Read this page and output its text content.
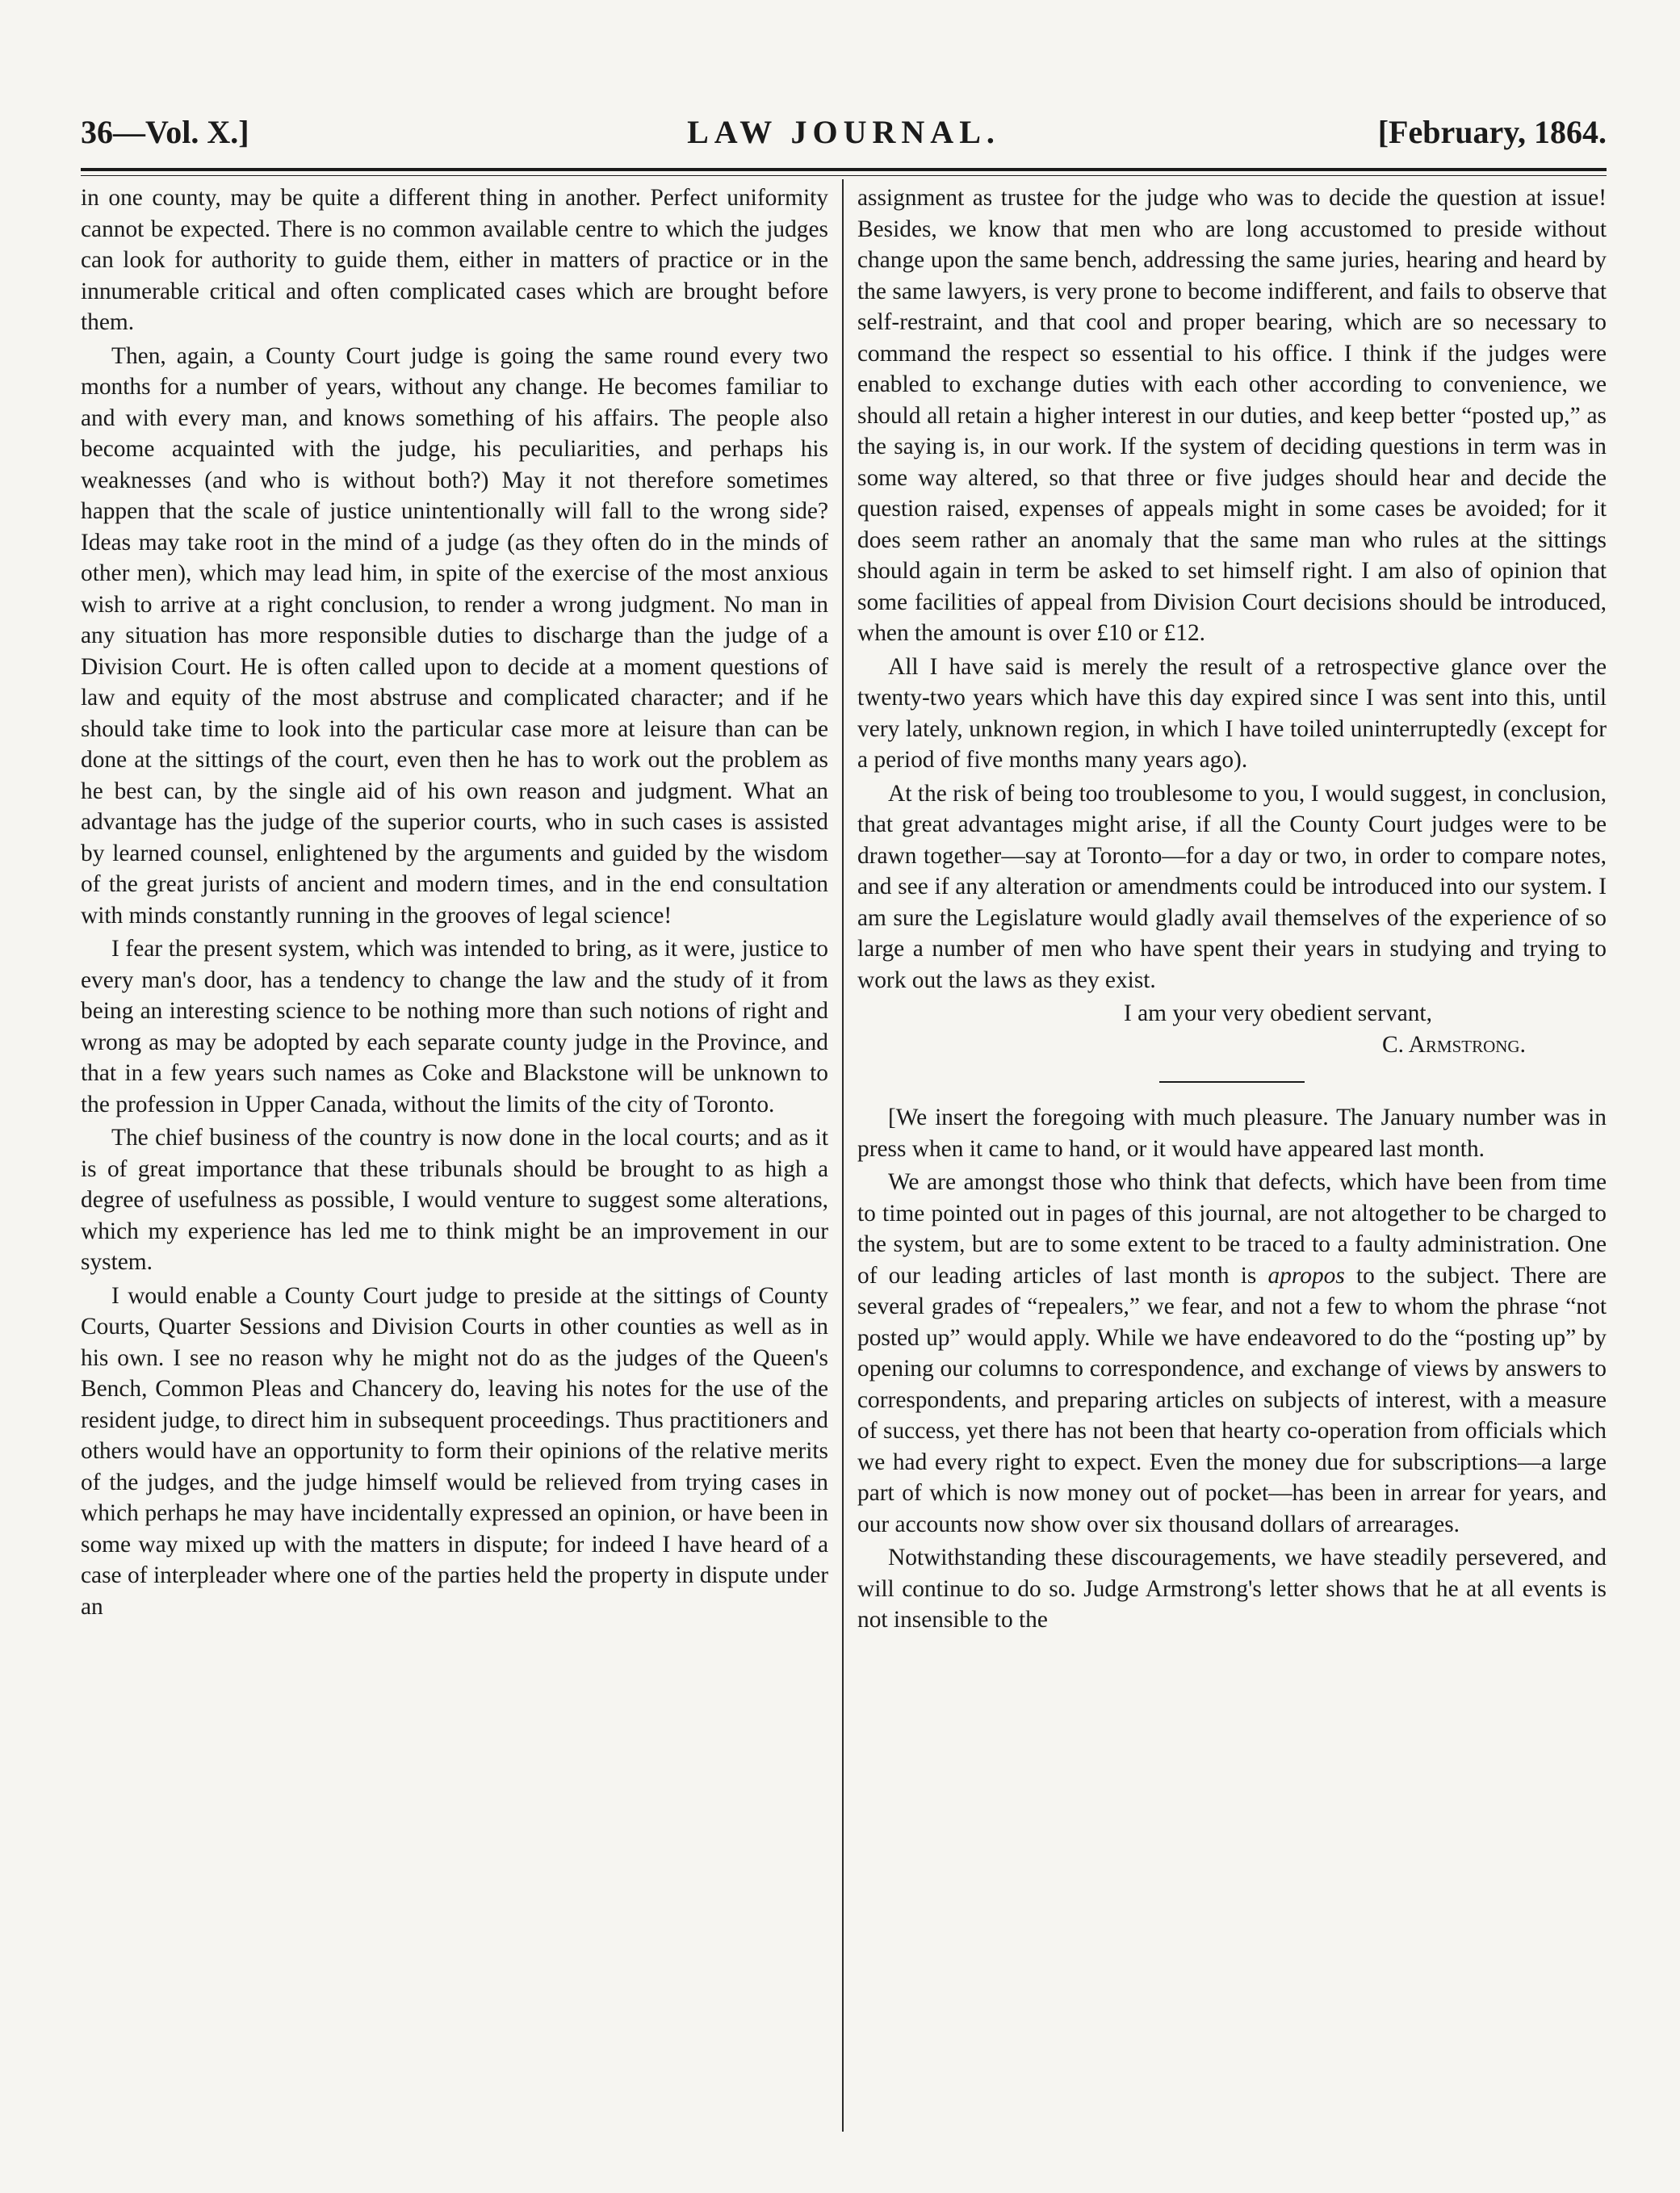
36—Vol. X.]	LAW JOURNAL.	[February, 1864.

in one county, may be quite a different thing in another. Perfect uniformity cannot be expected. There is no common available centre to which the judges can look for authority to guide them, either in matters of practice or in the innumerable critical and often complicated cases which are brought before them.

Then, again, a County Court judge is going the same round every two months for a number of years, without any change. He becomes familiar to and with every man, and knows something of his affairs. The people also become acquainted with the judge, his peculiarities, and perhaps his weaknesses (and who is without both?) May it not therefore sometimes happen that the scale of justice unintentionally will fall to the wrong side? Ideas may take root in the mind of a judge (as they often do in the minds of other men), which may lead him, in spite of the exercise of the most anxious wish to arrive at a right conclusion, to render a wrong judgment. No man in any situation has more responsible duties to discharge than the judge of a Division Court. He is often called upon to decide at a moment questions of law and equity of the most abstruse and complicated character; and if he should take time to look into the particular case more at leisure than can be done at the sittings of the court, even then he has to work out the problem as he best can, by the single aid of his own reason and judgment. What an advantage has the judge of the superior courts, who in such cases is assisted by learned counsel, enlightened by the arguments and guided by the wisdom of the great jurists of ancient and modern times, and in the end consultation with minds constantly running in the grooves of legal science!

I fear the present system, which was intended to bring, as it were, justice to every man's door, has a tendency to change the law and the study of it from being an interesting science to be nothing more than such notions of right and wrong as may be adopted by each separate county judge in the Province, and that in a few years such names as Coke and Blackstone will be unknown to the profession in Upper Canada, without the limits of the city of Toronto.

The chief business of the country is now done in the local courts; and as it is of great importance that these tribunals should be brought to as high a degree of usefulness as possible, I would venture to suggest some alterations, which my experience has led me to think might be an improvement in our system.

I would enable a County Court judge to preside at the sittings of County Courts, Quarter Sessions and Division Courts in other counties as well as in his own. I see no reason why he might not do as the judges of the Queen's Bench, Common Pleas and Chancery do, leaving his notes for the use of the resident judge, to direct him in subsequent proceedings. Thus practitioners and others would have an opportunity to form their opinions of the relative merits of the judges, and the judge himself would be relieved from trying cases in which perhaps he may have incidentally expressed an opinion, or have been in some way mixed up with the matters in dispute; for indeed I have heard of a case of interpleader where one of the parties held the property in dispute under an

assignment as trustee for the judge who was to decide the question at issue! Besides, we know that men who are long accustomed to preside without change upon the same bench, addressing the same juries, hearing and heard by the same lawyers, is very prone to become indifferent, and fails to observe that self-restraint, and that cool and proper bearing, which are so necessary to command the respect so essential to his office. I think if the judges were enabled to exchange duties with each other according to convenience, we should all retain a higher interest in our duties, and keep better “posted up,” as the saying is, in our work. If the system of deciding questions in term was in some way altered, so that three or five judges should hear and decide the question raised, expenses of appeals might in some cases be avoided; for it does seem rather an anomaly that the same man who rules at the sittings should again in term be asked to set himself right. I am also of opinion that some facilities of appeal from Division Court decisions should be introduced, when the amount is over £10 or £12.

All I have said is merely the result of a retrospective glance over the twenty-two years which have this day expired since I was sent into this, until very lately, unknown region, in which I have toiled uninterruptedly (except for a period of five months many years ago).

At the risk of being too troublesome to you, I would suggest, in conclusion, that great advantages might arise, if all the County Court judges were to be drawn together—say at Toronto—for a day or two, in order to compare notes, and see if any alteration or amendments could be introduced into our system. I am sure the Legislature would gladly avail themselves of the experience of so large a number of men who have spent their years in studying and trying to work out the laws as they exist.

I am your very obedient servant,

C. Armstrong.

[We insert the foregoing with much pleasure. The January number was in press when it came to hand, or it would have appeared last month.

We are amongst those who think that defects, which have been from time to time pointed out in pages of this journal, are not altogether to be charged to the system, but are to some extent to be traced to a faulty administration. One of our leading articles of last month is apropos to the subject. There are several grades of “repealers,” we fear, and not a few to whom the phrase “not posted up” would apply. While we have endeavored to do the “posting up” by opening our columns to correspondence, and exchange of views by answers to correspondents, and preparing articles on subjects of interest, with a measure of success, yet there has not been that hearty co-operation from officials which we had every right to expect. Even the money due for subscriptions—a large part of which is now money out of pocket—has been in arrear for years, and our accounts now show over six thousand dollars of arrearages.

Notwithstanding these discouragements, we have steadily persevered, and will continue to do so. Judge Armstrong's letter shows that he at all events is not insensible to the
